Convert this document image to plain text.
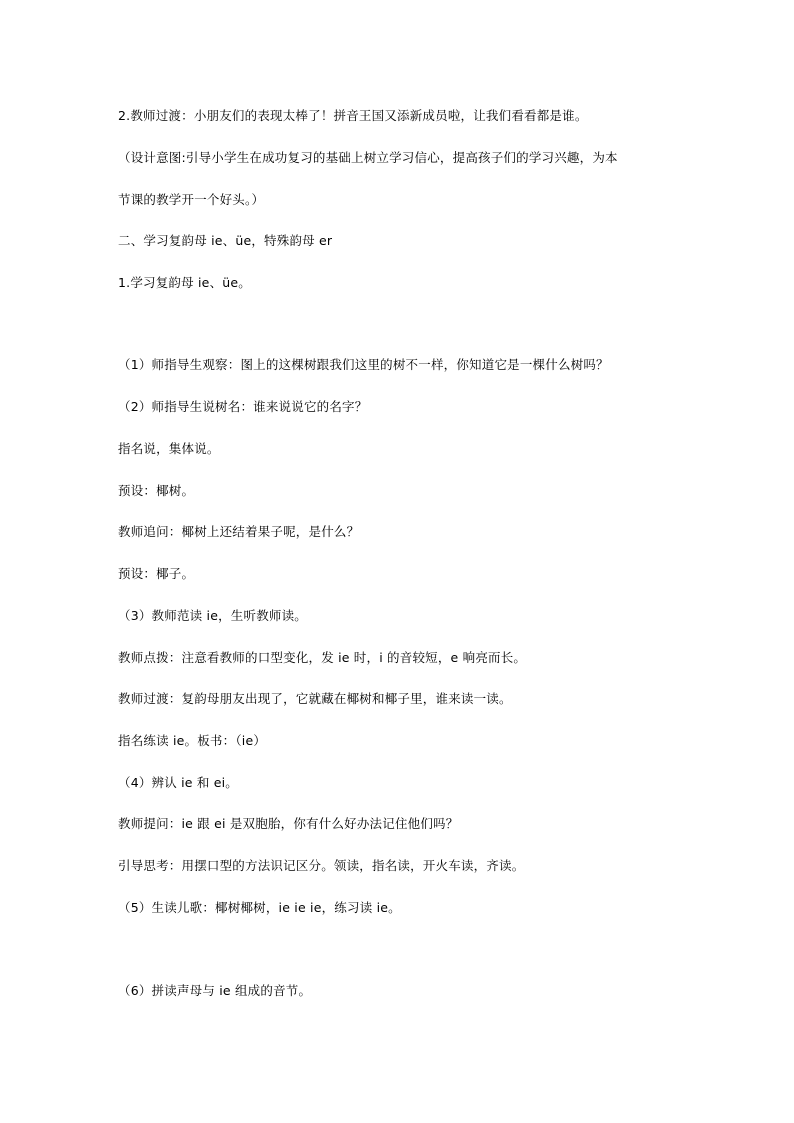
2.教师过渡：小朋友们的表现太棒了！拼音王国又添新成员啦，让我们看看都是谁。

（设计意图:引导小学生在成功复习的基础上树立学习信心，提高孩子们的学习兴趣，为本

节课的教学开一个好头。）

二、学习复韵母 ie、üe，特殊韵母 er

1.学习复韵母 ie、üe。

（1）师指导生观察：图上的这棵树跟我们这里的树不一样，你知道它是一棵什么树吗？

（2）师指导生说树名：谁来说说它的名字？

指名说，集体说。

预设：椰树。

教师追问：椰树上还结着果子呢，是什么？

预设：椰子。

（3）教师范读 ie，生听教师读。

教师点拨：注意看教师的口型变化，发 ie 时，i 的音较短，e 响亮而长。

教师过渡：复韵母朋友出现了，它就藏在椰树和椰子里，谁来读一读。

指名练读 ie。板书：（ie）

（4）辨认 ie 和 ei。

教师提问：ie 跟 ei 是双胞胎，你有什么好办法记住他们吗？

引导思考：用摆口型的方法识记区分。领读，指名读，开火车读，齐读。

（5）生读儿歌：椰树椰树，ie ie ie，练习读 ie。

（6）拼读声母与 ie 组成的音节。
